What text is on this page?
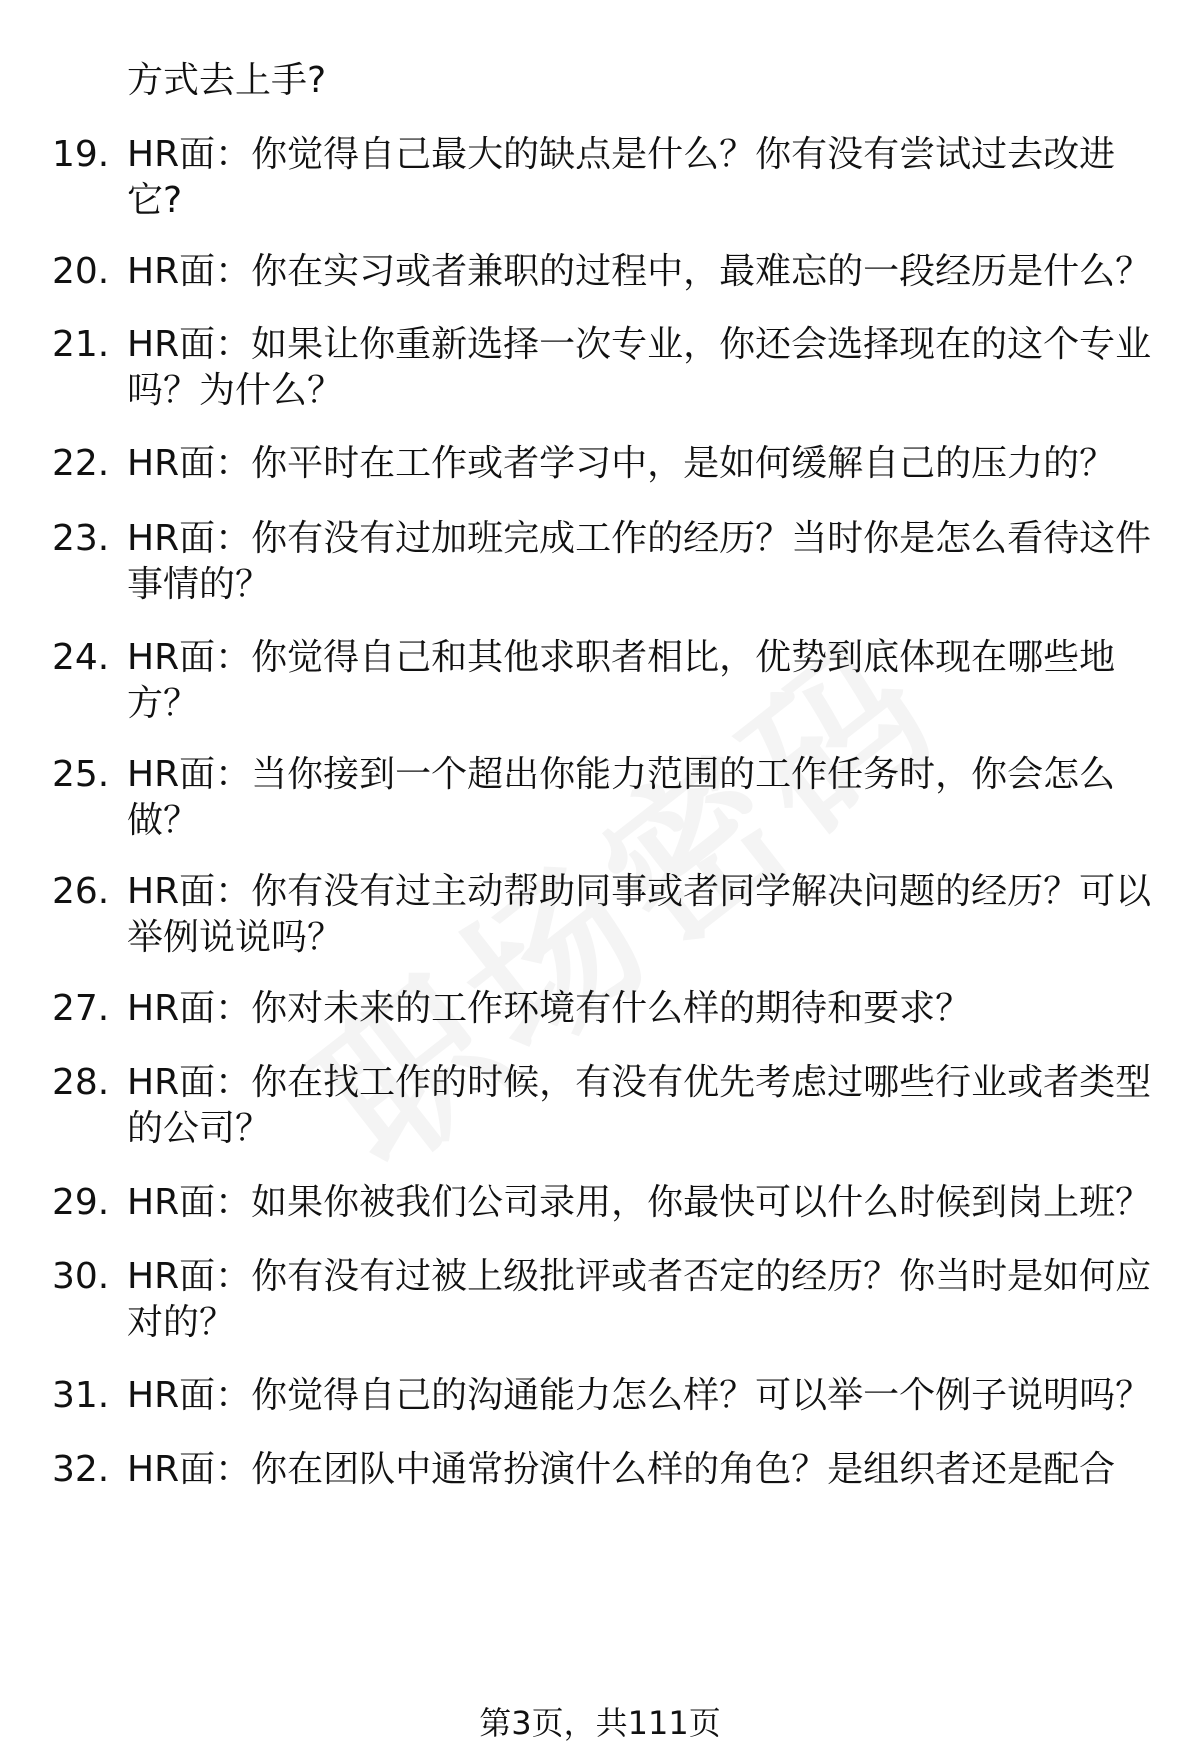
方式去上手?
19. HR面：你觉得自己最大的缺点是什么？你有没有尝试过去改进
它?
20. HR面：你在实习或者兼职的过程中，最难忘的一段经历是什么？
21. HR面：如果让你重新选择一次专业，你还会选择现在的这个专业
吗？为什么？
22. HR面：你平时在工作或者学习中，是如何缓解自己的压力的？
23. HR面：你有没有过加班完成工作的经历？当时你是怎么看待这件
事情的？
24. HR面：你觉得自己和其他求职者相比，优势到底体现在哪些地
方？
25. HR面：当你接到一个超出你能力范围的工作任务时，你会怎么
做？
26. HR面：你有没有过主动帮助同事或者同学解决问题的经历？可以
举例说说吗？
27. HR面：你对未来的工作环境有什么样的期待和要求？
28. HR面：你在找工作的时候，有没有优先考虑过哪些行业或者类型
的公司？
29. HR面：如果你被我们公司录用，你最快可以什么时候到岗上班？
30. HR面：你有没有过被上级批评或者否定的经历？你当时是如何应
对的？
31. HR面：你觉得自己的沟通能力怎么样？可以举一个例子说明吗？
32. HR面：你在团队中通常扮演什么样的角色？是组织者还是配合
第3页，共111页
